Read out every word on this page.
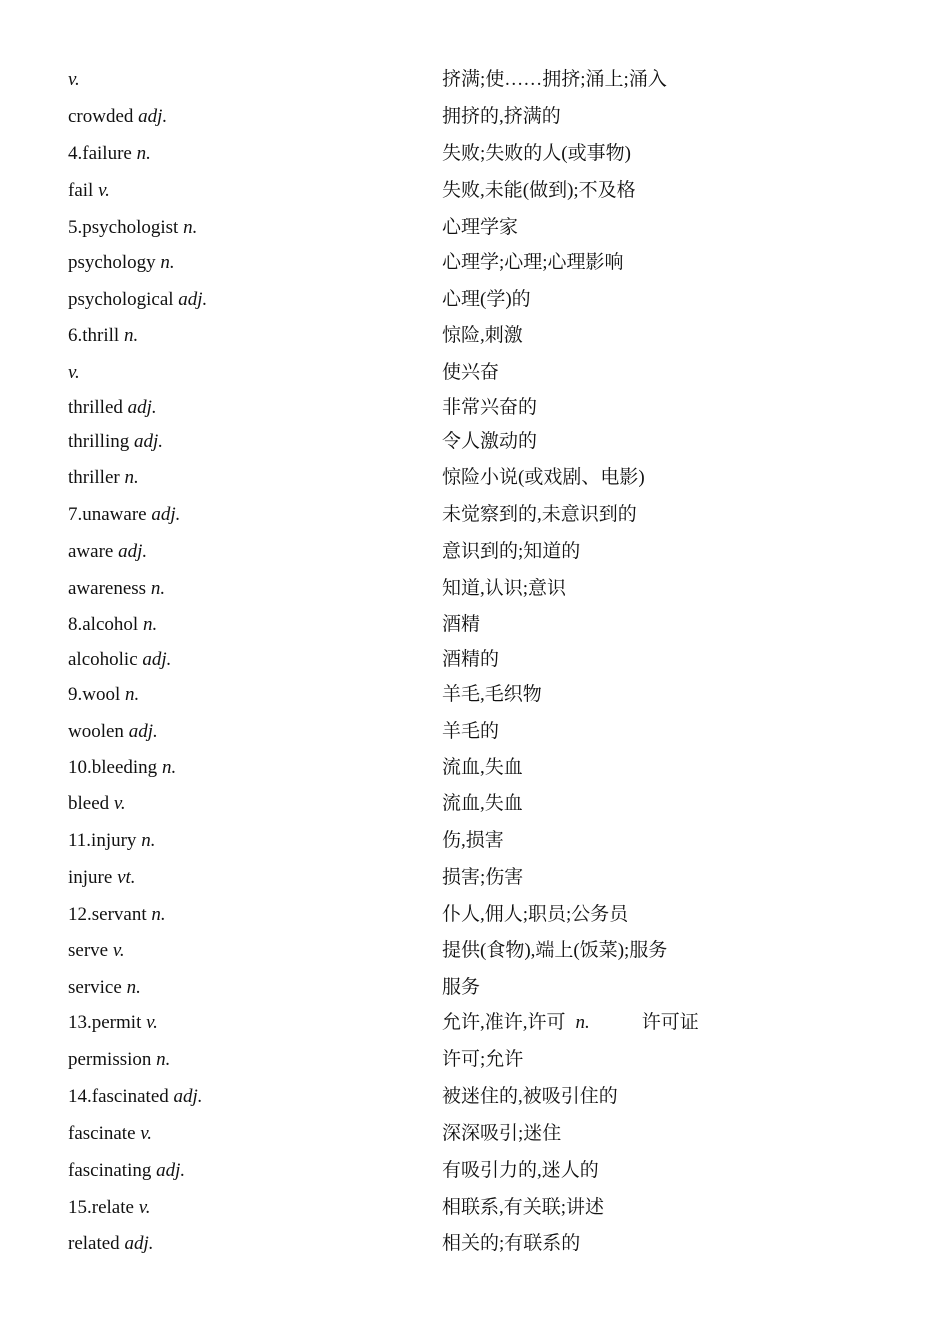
v.	挤满;使……拥挤;涌上;涌入
crowded adj.	拥挤的,挤满的
4.failure n.	失败;失败的人(或事物)
fail v.	失败,未能(做到);不及格
5.psychologist n.	心理学家
psychology n.	心理学;心理;心理影响
psychological adj.	心理(学)的
6.thrill n.	惊险,刺激
v.	使兴奋
thrilled adj.	非常兴奋的
thrilling adj.	令人激动的
thriller n.	惊险小说(或戏剧、电影)
7.unaware adj.	未觉察到的,未意识到的
aware adj.	意识到的;知道的
awareness n.	知道,认识;意识
8.alcohol n.	酒精
alcoholic adj.	酒精的
9.wool n.	羊毛,毛织物
woolen adj.	羊毛的
10.bleeding n.	流血,失血
bleed v.	流血,失血
11.injury n.	伤,损害
injure vt.	损害;伤害
12.servant n.	仆人,佣人;职员;公务员
serve v.	提供(食物),端上(饭菜);服务
service n.	服务
13.permit v.	允许,准许,许可 n.	许可证
permission n.	许可;允许
14.fascinated adj.	被迷住的,被吸引住的
fascinate v.	深深吸引;迷住
fascinating adj.	有吸引力的,迷人的
15.relate v.	相联系,有关联;讲述
related adj.	相关的;有联系的
